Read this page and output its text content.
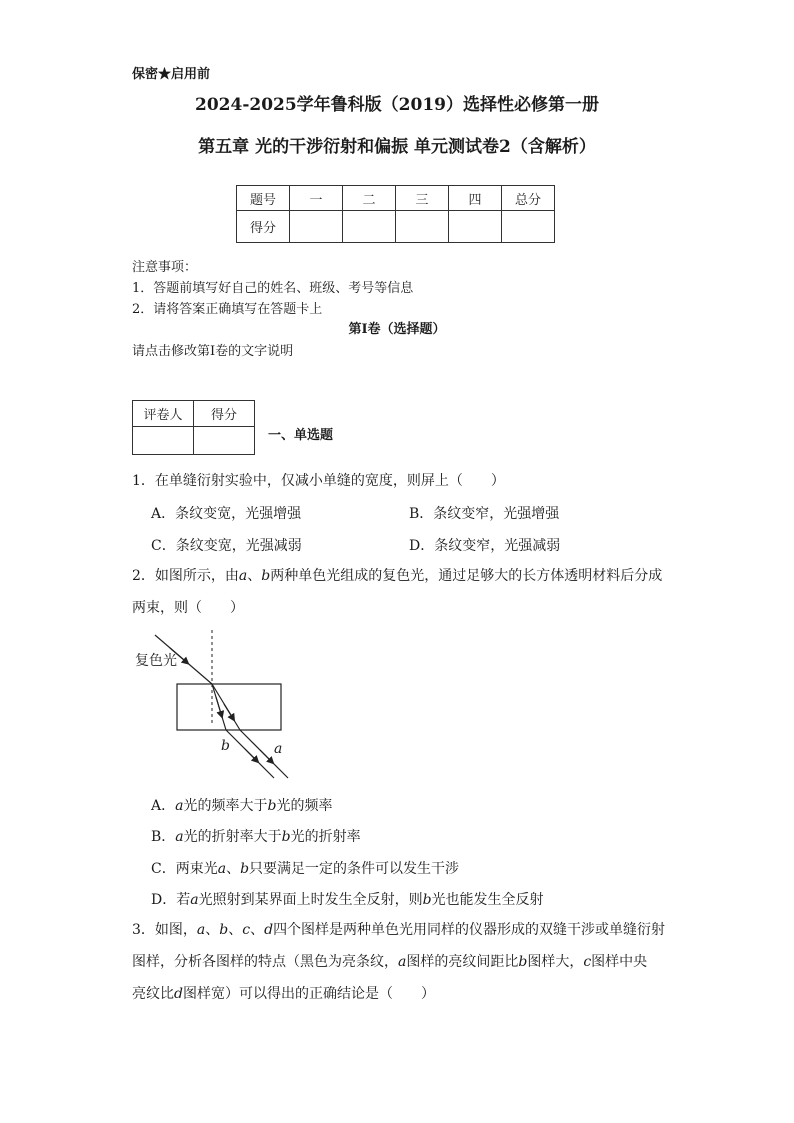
保密★启用前
2024-2025学年鲁科版（2019）选择性必修第一册
第五章 光的干涉衍射和偏振 单元测试卷2（含解析）
题号	一	二	三	四	总分
得分					
注意事项：
1．答题前填写好自己的姓名、班级、考号等信息
2．请将答案正确填写在答题卡上
第I卷（选择题）
请点击修改第I卷的文字说明
评卷人	得分

一、单选题
1．在单缝衍射实验中，仅减小单缝的宽度，则屏上（　　）
A．条纹变宽，光强增强	B．条纹变窄，光强增强
C．条纹变宽，光强减弱	D．条纹变窄，光强减弱
2．如图所示，由a、b两种单色光组成的复色光，通过足够大的长方体透明材料后分成
两束，则（　　）
复色光
b	a
A．a光的频率大于b光的频率
B．a光的折射率大于b光的折射率
C．两束光a、b只要满足一定的条件可以发生干涉
D．若a光照射到某界面上时发生全反射，则b光也能发生全反射
3．如图，a、b、c、d四个图样是两种单色光用同样的仪器形成的双缝干涉或单缝衍射
图样，分析各图样的特点（黑色为亮条纹，a图样的亮纹间距比b图样大，c图样中央
亮纹比d图样宽）可以得出的正确结论是（　　）
